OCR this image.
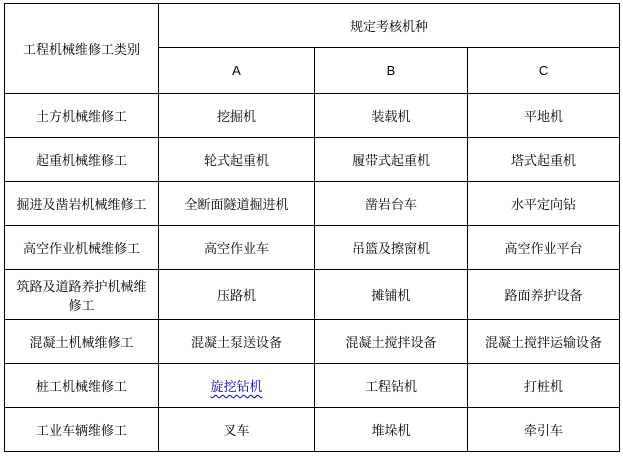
工程机械维修工类别	规定考核机种		
	A	B	C
土方机械维修工	挖掘机	装载机	平地机
起重机械维修工	轮式起重机	履带式起重机	塔式起重机
掘进及凿岩机械维修工	全断面隧道掘进机	凿岩台车	水平定向钻
高空作业机械维修工	高空作业车	吊篮及擦窗机	高空作业平台
筑路及道路养护机械维修工	压路机	摊铺机	路面养护设备
混凝土机械维修工	混凝土泵送设备	混凝土搅拌设备	混凝土搅拌运输设备
桩工机械维修工	旋挖钻机	工程钻机	打桩机
工业车辆维修工	叉车	堆垛机	牵引车
